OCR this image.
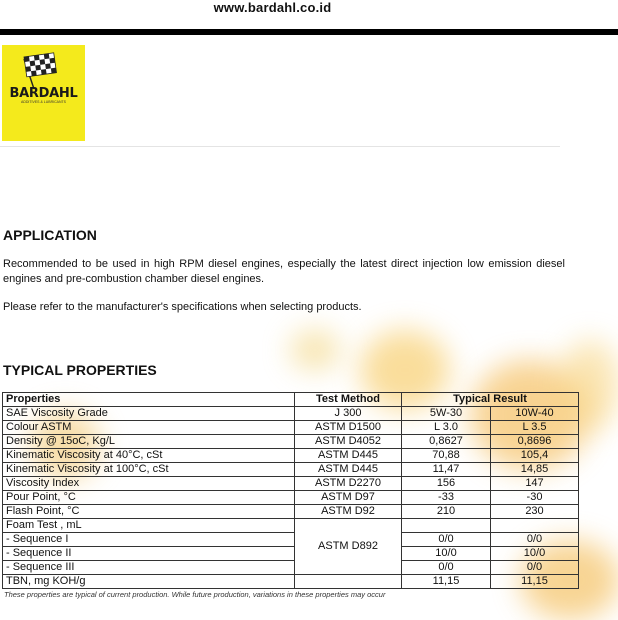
www.bardahl.co.id
BARDAHL
ADDITIVES & LUBRICANTS
APPLICATION

Recommended to be used in high RPM diesel engines, especially the latest direct injection low emission diesel engines and pre-combustion chamber diesel engines.

Please refer to the manufacturer's specifications when selecting products.

TYPICAL PROPERTIES
Properties	Test Method	Typical Result	
SAE Viscosity Grade	J 300	5W-30	10W-40
Colour ASTM	ASTM D1500	L 3.0	L 3.5
Density @ 15oC, Kg/L	ASTM D4052	0,8627	0,8696
Kinematic Viscosity at 40°C, cSt	ASTM D445	70,88	105,4
Kinematic Viscosity at 100°C, cSt	ASTM D445	11,47	14,85
Viscosity Index	ASTM D2270	156	147
Pour Point, °C	ASTM D97	-33	-30
Flash Point, °C	ASTM D92	210	230
Foam Test , mL	ASTM D892		
- Sequence I		0/0	0/0
- Sequence II		10/0	10/0
- Sequence III		0/0	0/0
TBN, mg KOH/g		11,15	11,15
These properties are typical of current production. While future production, variations in these properties may occur
